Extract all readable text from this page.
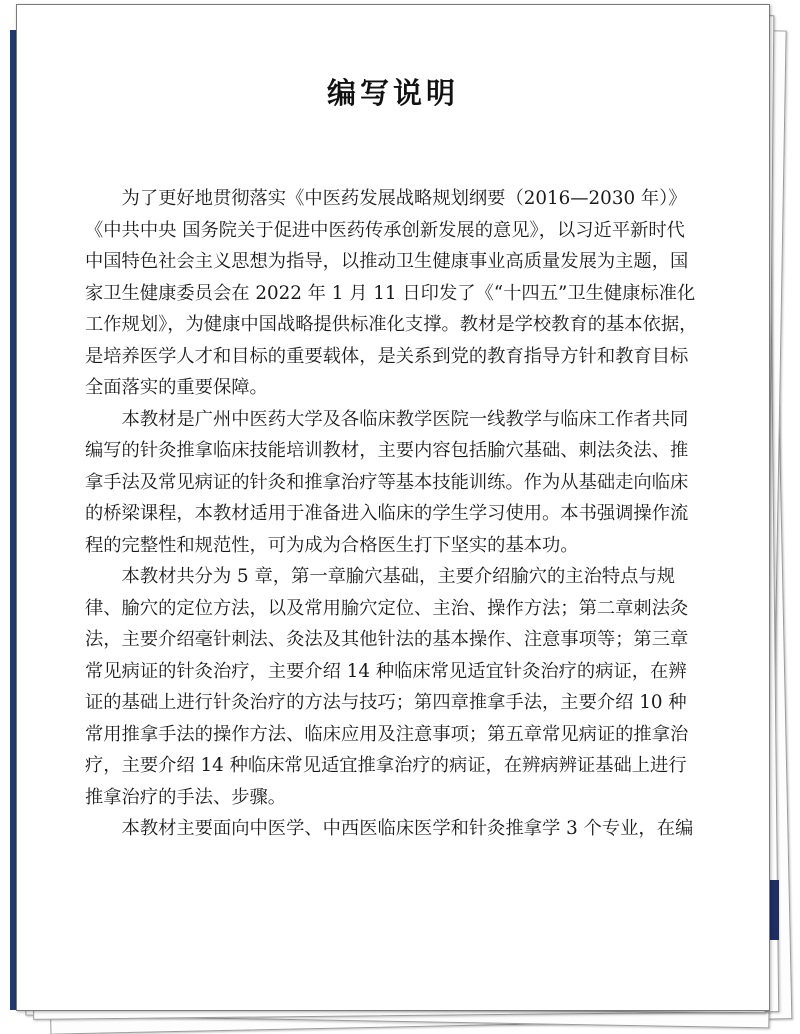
编写说明
　　为了更好地贯彻落实《中医药发展战略规划纲要（2016—2030 年）》
《中共中央 国务院关于促进中医药传承创新发展的意见》，以习近平新时代
中国特色社会主义思想为指导，以推动卫生健康事业高质量发展为主题，国
家卫生健康委员会在 2022 年 1 月 11 日印发了《“十四五”卫生健康标准化
工作规划》，为健康中国战略提供标准化支撑。教材是学校教育的基本依据，
是培养医学人才和目标的重要载体，是关系到党的教育指导方针和教育目标
全面落实的重要保障。
　　本教材是广州中医药大学及各临床教学医院一线教学与临床工作者共同
编写的针灸推拿临床技能培训教材，主要内容包括腧穴基础、刺法灸法、推
拿手法及常见病证的针灸和推拿治疗等基本技能训练。作为从基础走向临床
的桥梁课程，本教材适用于准备进入临床的学生学习使用。本书强调操作流
程的完整性和规范性，可为成为合格医生打下坚实的基本功。
　　本教材共分为 5 章，第一章腧穴基础，主要介绍腧穴的主治特点与规
律、腧穴的定位方法，以及常用腧穴定位、主治、操作方法；第二章刺法灸
法，主要介绍毫针刺法、灸法及其他针法的基本操作、注意事项等；第三章
常见病证的针灸治疗，主要介绍 14 种临床常见适宜针灸治疗的病证，在辨
证的基础上进行针灸治疗的方法与技巧；第四章推拿手法，主要介绍 10 种
常用推拿手法的操作方法、临床应用及注意事项；第五章常见病证的推拿治
疗，主要介绍 14 种临床常见适宜推拿治疗的病证，在辨病辨证基础上进行
推拿治疗的手法、步骤。
　　本教材主要面向中医学、中西医临床医学和针灸推拿学 3 个专业，在编
